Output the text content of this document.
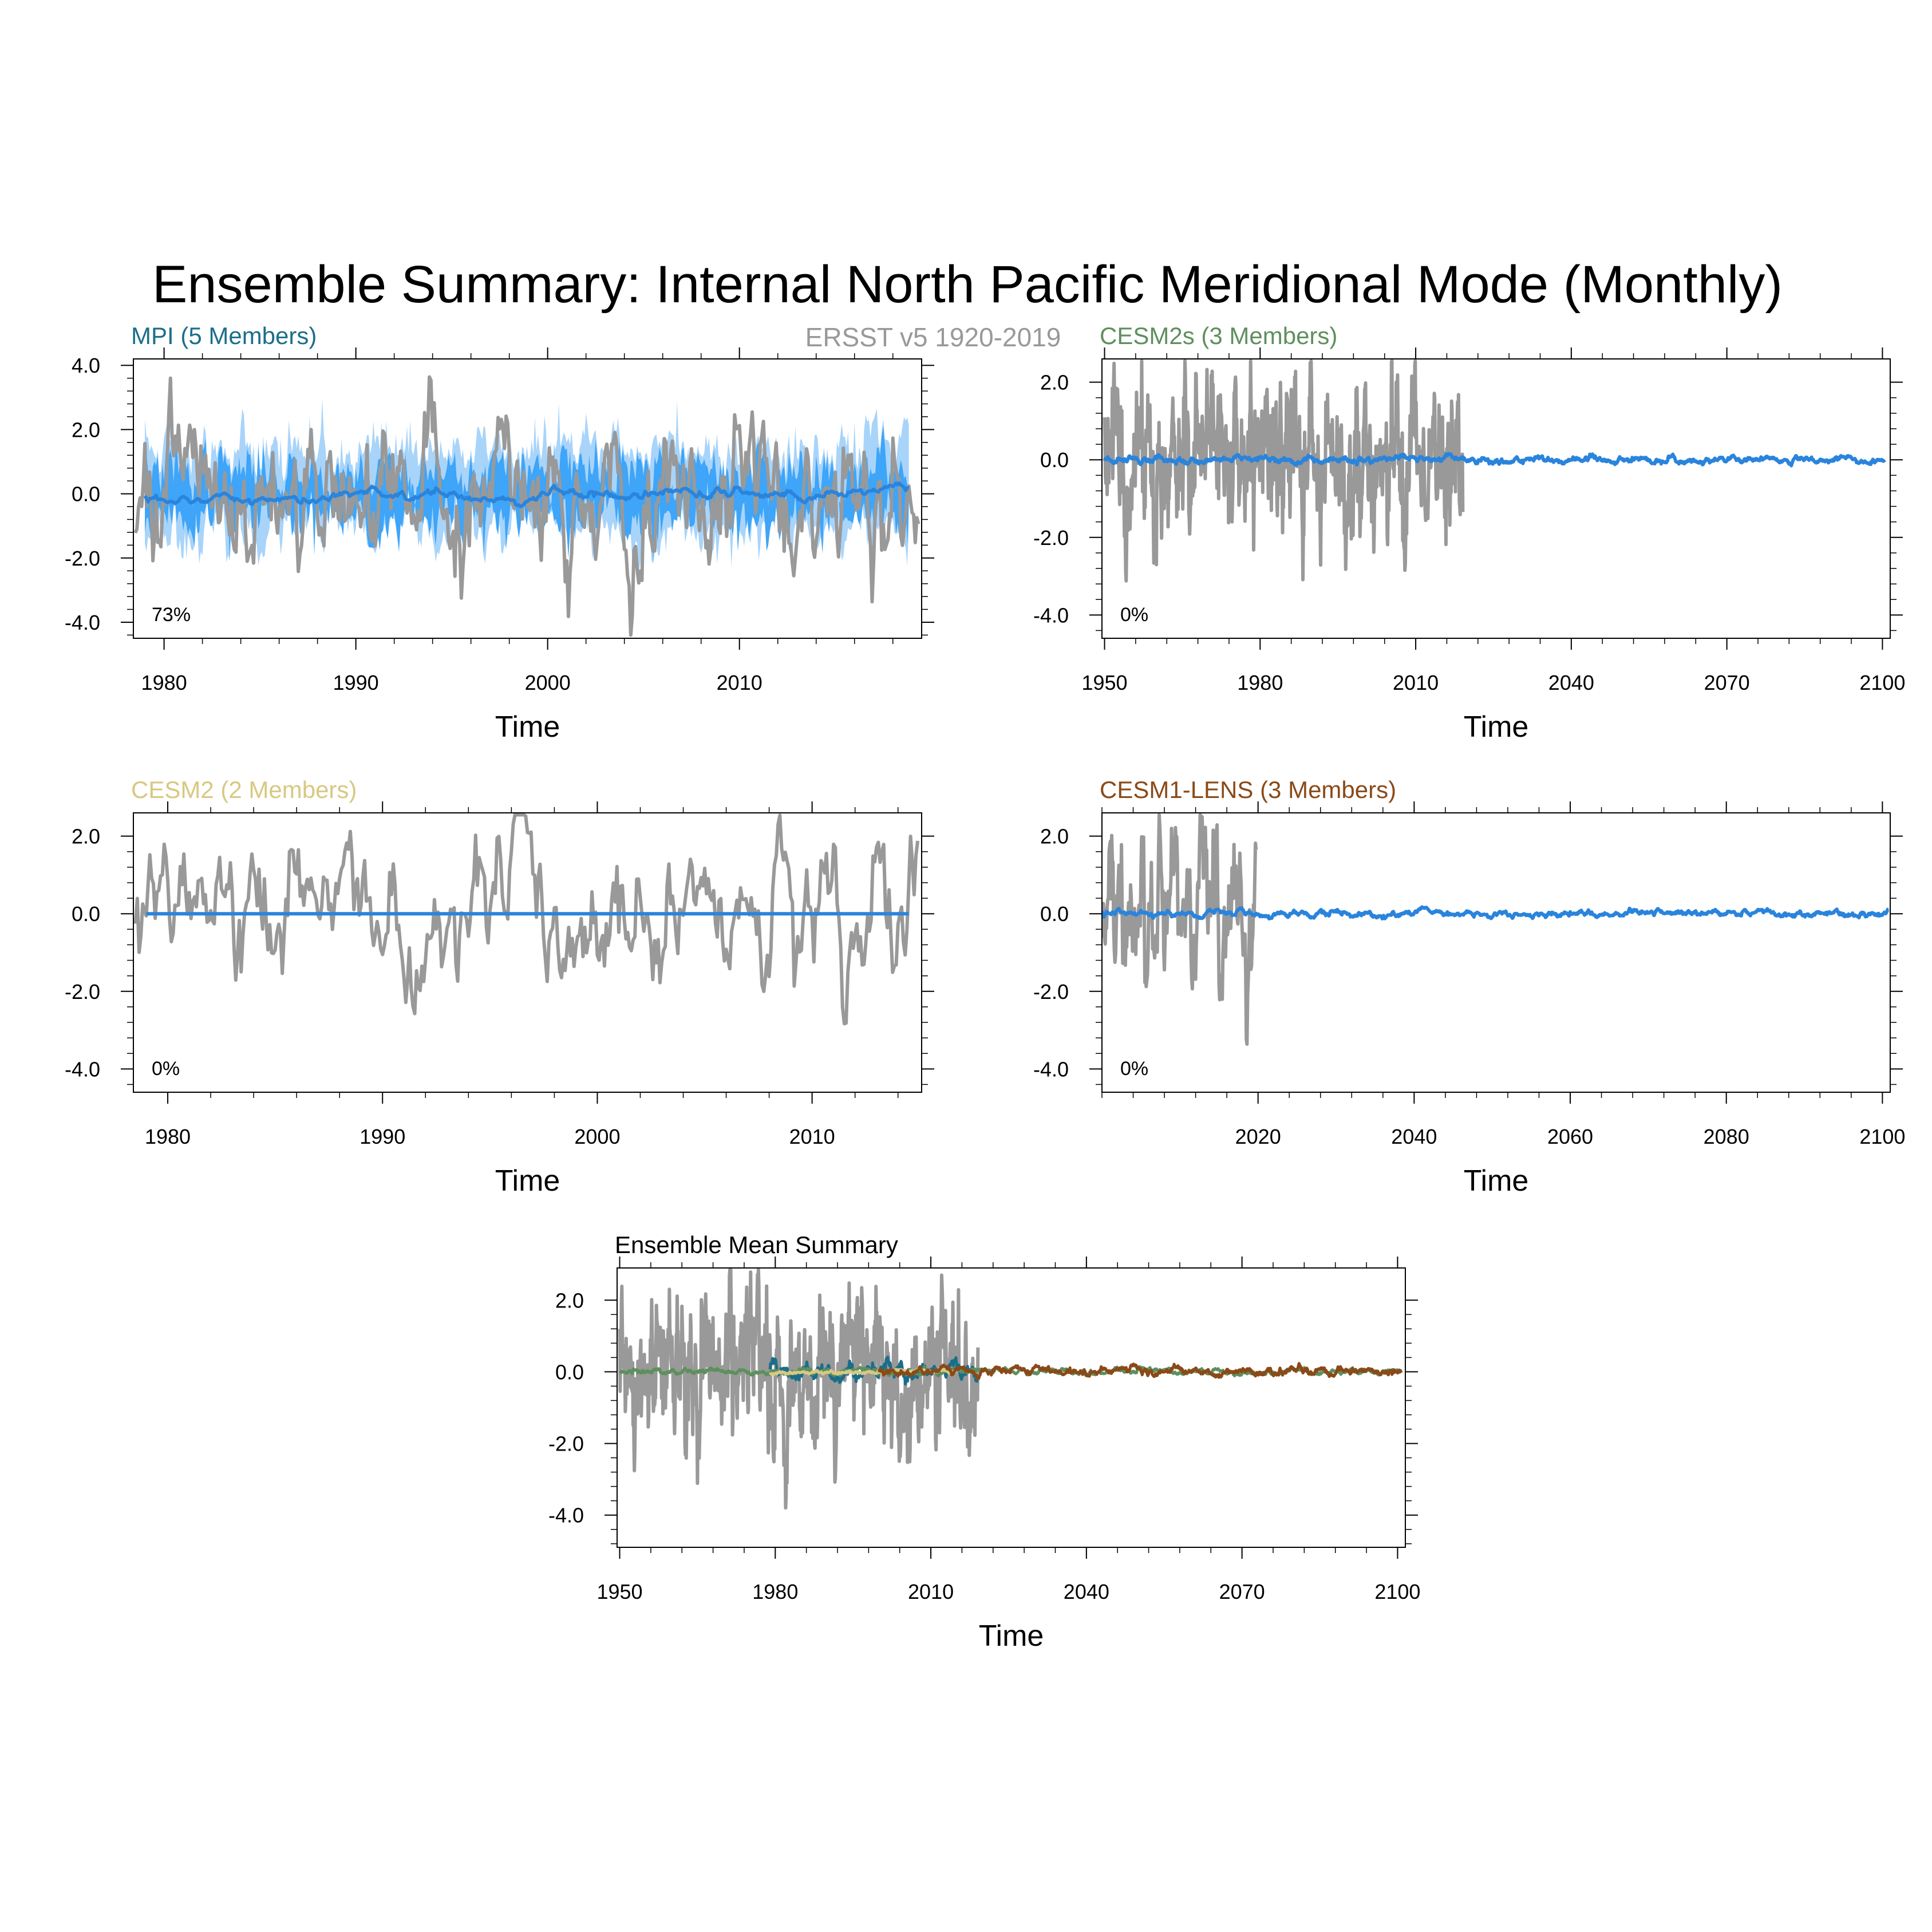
Ensemble Summary: Internal North Pacific Meridional Mode (Monthly)
ERSST v5 1920-2019
MPI (5 Members)
4.0
2.0
0.0
-2.0
-4.0
1980	1990	2000	2010
Time
73%
CESM2s (3 Members)
2.0
0.0
-2.0
-4.0
1950	1980	2010	2040	2070	2100
Time
0%
CESM2 (2 Members)
2.0
0.0
-2.0
-4.0
1980	1990	2000	2010
Time
0%
CESM1-LENS (3 Members)
2.0
0.0
-2.0
-4.0
2020	2040	2060	2080	2100
Time
0%
Ensemble Mean Summary
2.0
0.0
-2.0
-4.0
1950	1980	2010	2040	2070	2100
Time
